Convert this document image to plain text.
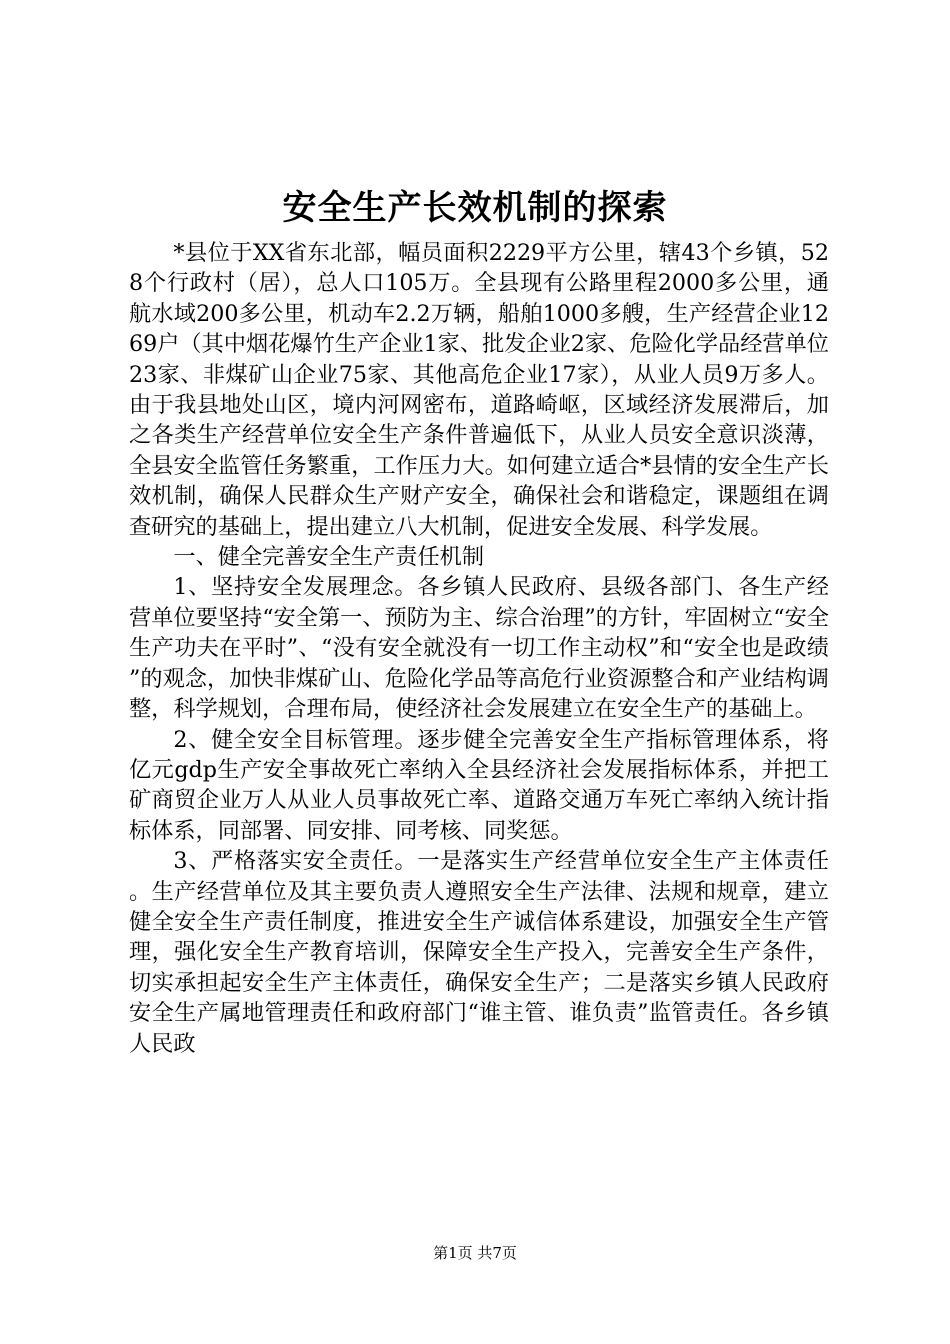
安全生产长效机制的探索

*县位于XX省东北部，幅员面积2229平方公里，辖43个乡镇，528个行政村（居），总人口105万。全县现有公路里程2000多公里，通航水域200多公里，机动车2.2万辆，船舶1000多艘，生产经营企业1269户（其中烟花爆竹生产企业1家、批发企业2家、危险化学品经营单位23家、非煤矿山企业75家、其他高危企业17家），从业人员9万多人。由于我县地处山区，境内河网密布，道路崎岖，区域经济发展滞后，加之各类生产经营单位安全生产条件普遍低下，从业人员安全意识淡薄，全县安全监管任务繁重，工作压力大。如何建立适合*县情的安全生产长效机制，确保人民群众生产财产安全，确保社会和谐稳定，课题组在调查研究的基础上，提出建立八大机制，促进安全发展、科学发展。

一、健全完善安全生产责任机制

1、坚持安全发展理念。各乡镇人民政府、县级各部门、各生产经营单位要坚持“安全第一、预防为主、综合治理”的方针，牢固树立“安全生产功夫在平时”、“没有安全就没有一切工作主动权”和“安全也是政绩”的观念，加快非煤矿山、危险化学品等高危行业资源整合和产业结构调整，科学规划，合理布局，使经济社会发展建立在安全生产的基础上。

2、健全安全目标管理。逐步健全完善安全生产指标管理体系，将亿元gdp生产安全事故死亡率纳入全县经济社会发展指标体系，并把工矿商贸企业万人从业人员事故死亡率、道路交通万车死亡率纳入统计指标体系，同部署、同安排、同考核、同奖惩。

3、严格落实安全责任。一是落实生产经营单位安全生产主体责任。生产经营单位及其主要负责人遵照安全生产法律、法规和规章，建立健全安全生产责任制度，推进安全生产诚信体系建设，加强安全生产管理，强化安全生产教育培训，保障安全生产投入，完善安全生产条件，切实承担起安全生产主体责任，确保安全生产；二是落实乡镇人民政府安全生产属地管理责任和政府部门“谁主管、谁负责”监管责任。各乡镇人民政

第1页 共7页
